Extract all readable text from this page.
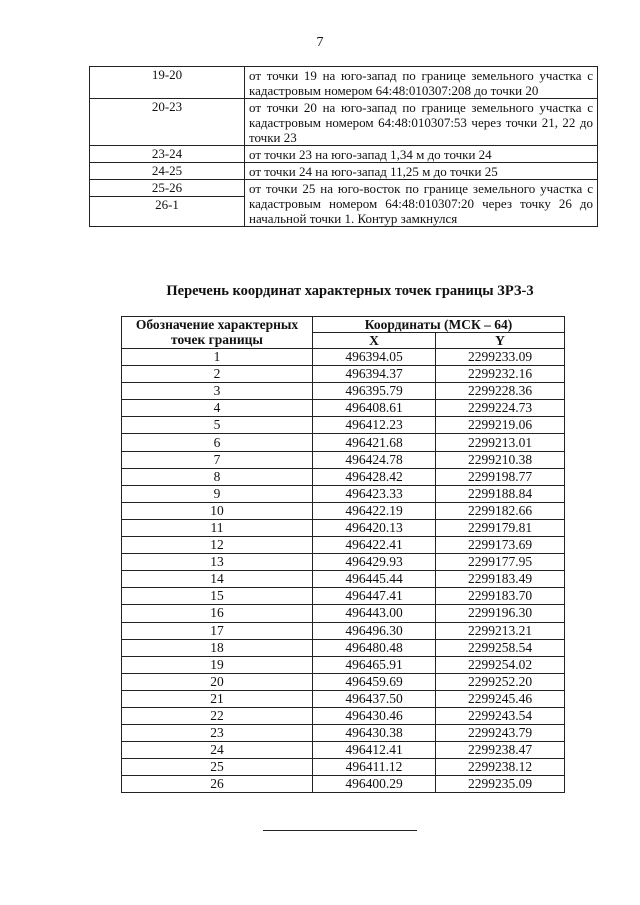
7
19-20	от точки 19 на юго-запад по границе земельного участка с кадастровым номером 64:48:010307:208 до точки 20

20-23	от точки 20 на юго-запад по границе земельного участка с кадастровым номером 64:48:010307:53 через точки 21, 22 до точки 23

23-24	от точки 23 на юго-запад 1,34 м до точки 24

24-25	от точки 24 на юго-запад 11,25 м до точки 25

25-26
26-1	от точки 25 на юго-восток по границе земельного участка с кадастровым номером 64:48:010307:20 через точку 26 до начальной точки 1. Контур замкнулся
Перечень координат характерных точек границы ЗРЗ-3
Обозначение характерных точек границы	Координаты (МСК – 64)	
	X	Y
1	496394.05	2299233.09
2	496394.37	2299232.16
3	496395.79	2299228.36
4	496408.61	2299224.73
5	496412.23	2299219.06
6	496421.68	2299213.01
7	496424.78	2299210.38
8	496428.42	2299198.77
9	496423.33	2299188.84
10	496422.19	2299182.66
11	496420.13	2299179.81
12	496422.41	2299173.69
13	496429.93	2299177.95
14	496445.44	2299183.49
15	496447.41	2299183.70
16	496443.00	2299196.30
17	496496.30	2299213.21
18	496480.48	2299258.54
19	496465.91	2299254.02
20	496459.69	2299252.20
21	496437.50	2299245.46
22	496430.46	2299243.54
23	496430.38	2299243.79
24	496412.41	2299238.47
25	496411.12	2299238.12
26	496400.29	2299235.09
